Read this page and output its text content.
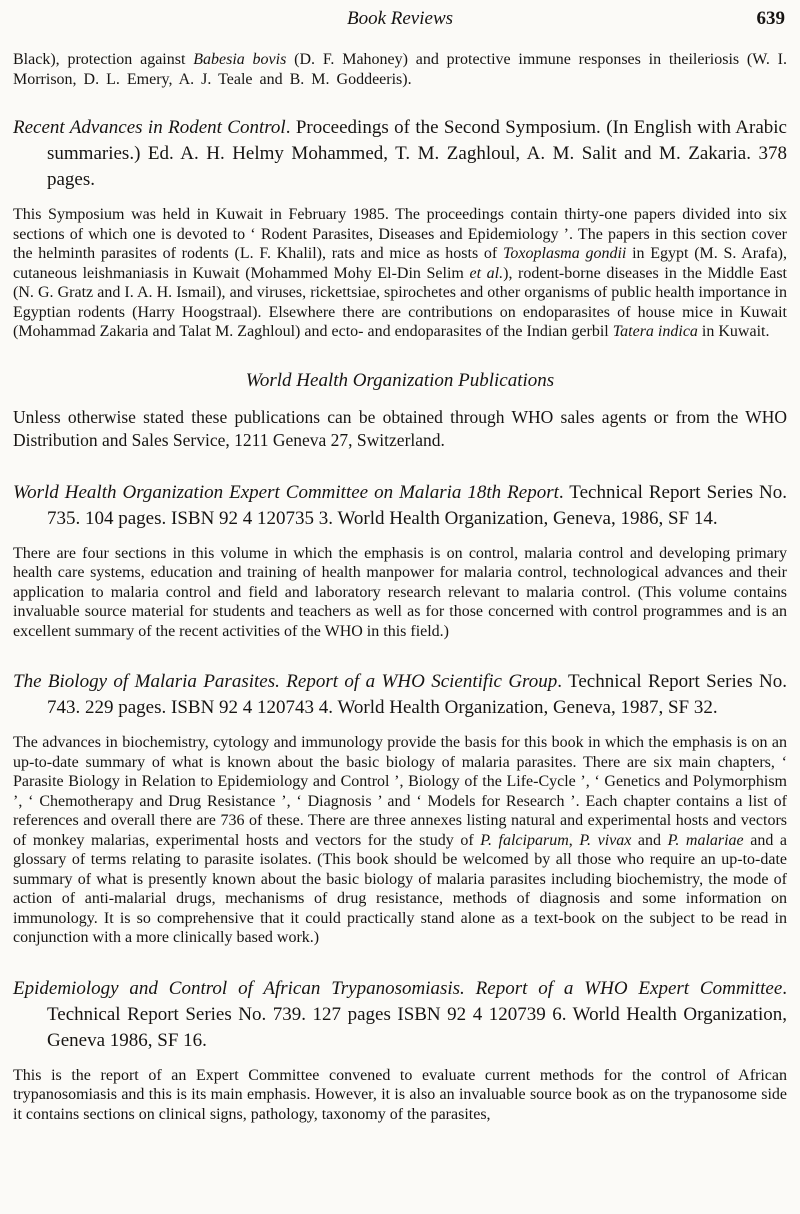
Book Reviews	639

Black), protection against Babesia bovis (D. F. Mahoney) and protective immune responses in theileriosis (W. I. Morrison, D. L. Emery, A. J. Teale and B. M. Goddeeris).

Recent Advances in Rodent Control. Proceedings of the Second Symposium. (In English with Arabic summaries.) Ed. A. H. Helmy Mohammed, T. M. Zaghloul, A. M. Salit and M. Zakaria. 378 pages.

This Symposium was held in Kuwait in February 1985. The proceedings contain thirty-one papers divided into six sections of which one is devoted to ‘ Rodent Parasites, Diseases and Epidemiology ’. The papers in this section cover the helminth parasites of rodents (L. F. Khalil), rats and mice as hosts of Toxoplasma gondii in Egypt (M. S. Arafa), cutaneous leishmaniasis in Kuwait (Mohammed Mohy El-Din Selim et al.), rodent-borne diseases in the Middle East (N. G. Gratz and I. A. H. Ismail), and viruses, rickettsiae, spirochetes and other organisms of public health importance in Egyptian rodents (Harry Hoogstraal). Elsewhere there are contributions on endoparasites of house mice in Kuwait (Mohammad Zakaria and Talat M. Zaghloul) and ecto- and endoparasites of the Indian gerbil Tatera indica in Kuwait.

World Health Organization Publications

Unless otherwise stated these publications can be obtained through WHO sales agents or from the WHO Distribution and Sales Service, 1211 Geneva 27, Switzerland.

World Health Organization Expert Committee on Malaria 18th Report. Technical Report Series No. 735. 104 pages. ISBN 92 4 120735 3. World Health Organization, Geneva, 1986, SF 14.

There are four sections in this volume in which the emphasis is on control, malaria control and developing primary health care systems, education and training of health manpower for malaria control, technological advances and their application to malaria control and field and laboratory research relevant to malaria control. (This volume contains invaluable source material for students and teachers as well as for those concerned with control programmes and is an excellent summary of the recent activities of the WHO in this field.)

The Biology of Malaria Parasites. Report of a WHO Scientific Group. Technical Report Series No. 743. 229 pages. ISBN 92 4 120743 4. World Health Organization, Geneva, 1987, SF 32.

The advances in biochemistry, cytology and immunology provide the basis for this book in which the emphasis is on an up-to-date summary of what is known about the basic biology of malaria parasites. There are six main chapters, ‘ Parasite Biology in Relation to Epidemiology and Control ’, Biology of the Life-Cycle ’, ‘ Genetics and Polymorphism ’, ‘ Chemotherapy and Drug Resistance ’, ‘ Diagnosis ’ and ‘ Models for Research ’. Each chapter contains a list of references and overall there are 736 of these. There are three annexes listing natural and experimental hosts and vectors of monkey malarias, experimental hosts and vectors for the study of P. falciparum, P. vivax and P. malariae and a glossary of terms relating to parasite isolates. (This book should be welcomed by all those who require an up-to-date summary of what is presently known about the basic biology of malaria parasites including biochemistry, the mode of action of anti-malarial drugs, mechanisms of drug resistance, methods of diagnosis and some information on immunology. It is so comprehensive that it could practically stand alone as a text-book on the subject to be read in conjunction with a more clinically based work.)

Epidemiology and Control of African Trypanosomiasis. Report of a WHO Expert Committee. Technical Report Series No. 739. 127 pages ISBN 92 4 120739 6. World Health Organization, Geneva 1986, SF 16.

This is the report of an Expert Committee convened to evaluate current methods for the control of African trypanosomiasis and this is its main emphasis. However, it is also an invaluable source book as on the trypanosome side it contains sections on clinical signs, pathology, taxonomy of the parasites,
